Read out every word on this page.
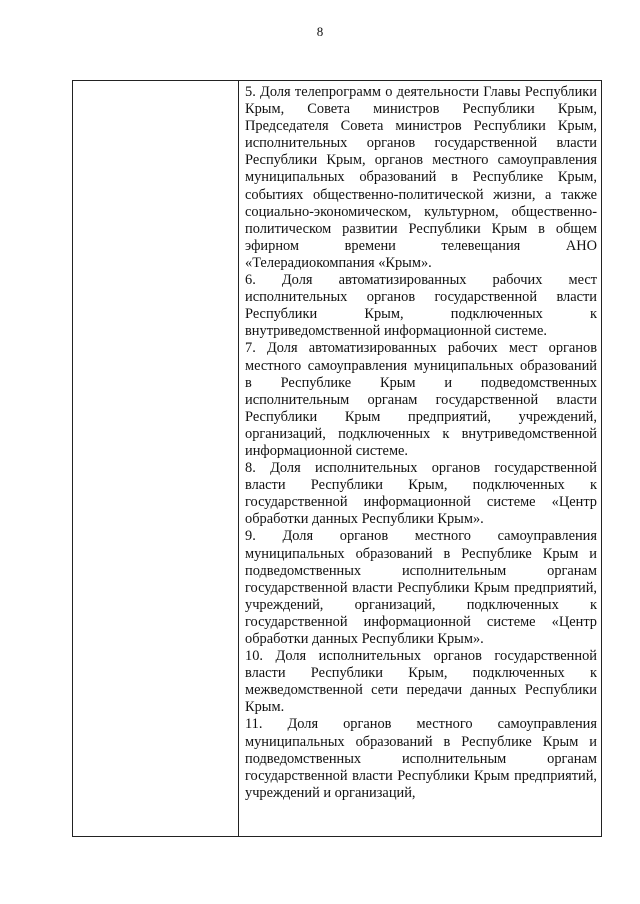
8

5. Доля телепрограмм о деятельности Главы Республики Крым, Совета министров Республики Крым, Председателя Совета министров Республики Крым, исполнительных органов государственной власти Республики Крым, органов местного самоуправления муниципальных образований в Республике Крым, событиях общественно-политической жизни, а также социально-экономическом, культурном, общественно-политическом развитии Республики Крым в общем эфирном времени телевещания АНО «Телерадиокомпания «Крым».

6. Доля автоматизированных рабочих мест исполнительных органов государственной власти Республики Крым, подключенных к внутриведомственной информационной системе.

7. Доля автоматизированных рабочих мест органов местного самоуправления муниципальных образований в Республике Крым и подведомственных исполнительным органам государственной власти Республики Крым предприятий, учреждений, организаций, подключенных к внутриведомственной информационной системе.

8. Доля исполнительных органов государственной власти Республики Крым, подключенных к государственной информационной системе «Центр обработки данных Республики Крым».

9. Доля органов местного самоуправления муниципальных образований в Республике Крым и подведомственных исполнительным органам государственной власти Республики Крым предприятий, учреждений, организаций, подключенных к государственной информационной системе «Центр обработки данных Республики Крым».

10. Доля исполнительных органов государственной власти Республики Крым, подключенных к межведомственной сети передачи данных Республики Крым.

11. Доля органов местного самоуправления муниципальных образований в Республике Крым и подведомственных исполнительным органам государственной власти Республики Крым предприятий, учреждений и организаций,
